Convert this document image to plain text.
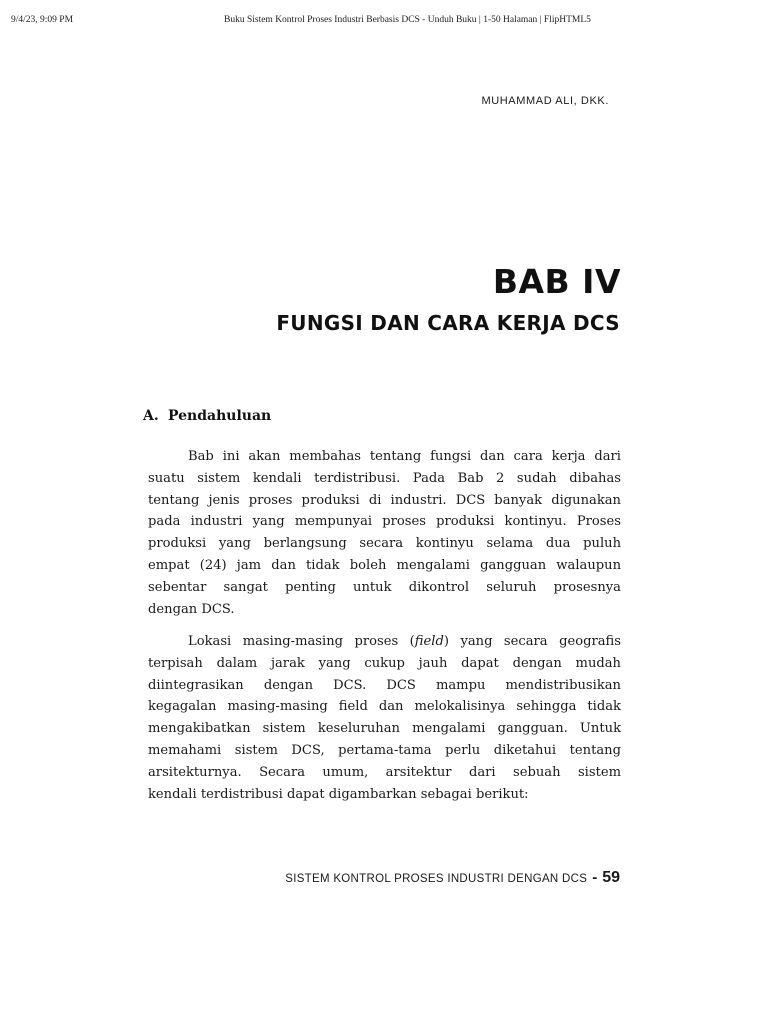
9/4/23, 9:09 PM	Buku Sistem Kontrol Proses Industri Berbasis DCS - Unduh Buku | 1-50 Halaman | FlipHTML5
MUHAMMAD ALI, DKK.
BAB IV
FUNGSI DAN CARA KERJA DCS
A. Pendahuluan
Bab ini akan membahas tentang fungsi dan cara kerja dari
suatu sistem kendali terdistribusi. Pada Bab 2 sudah dibahas
tentang jenis proses produksi di industri. DCS banyak digunakan
pada industri yang mempunyai proses produksi kontinyu. Proses
produksi yang berlangsung secara kontinyu selama dua puluh
empat (24) jam dan tidak boleh mengalami gangguan walaupun
sebentar sangat penting untuk dikontrol seluruh prosesnya
dengan DCS.
Lokasi masing-masing proses (field) yang secara geografis
terpisah dalam jarak yang cukup jauh dapat dengan mudah
diintegrasikan dengan DCS. DCS mampu mendistribusikan
kegagalan masing-masing field dan melokalisinya sehingga tidak
mengakibatkan sistem keseluruhan mengalami gangguan. Untuk
memahami sistem DCS, pertama-tama perlu diketahui tentang
arsitekturnya. Secara umum, arsitektur dari sebuah sistem
kendali terdistribusi dapat digambarkan sebagai berikut:
SISTEM KONTROL PROSES INDUSTRI DENGAN DCS - 59
